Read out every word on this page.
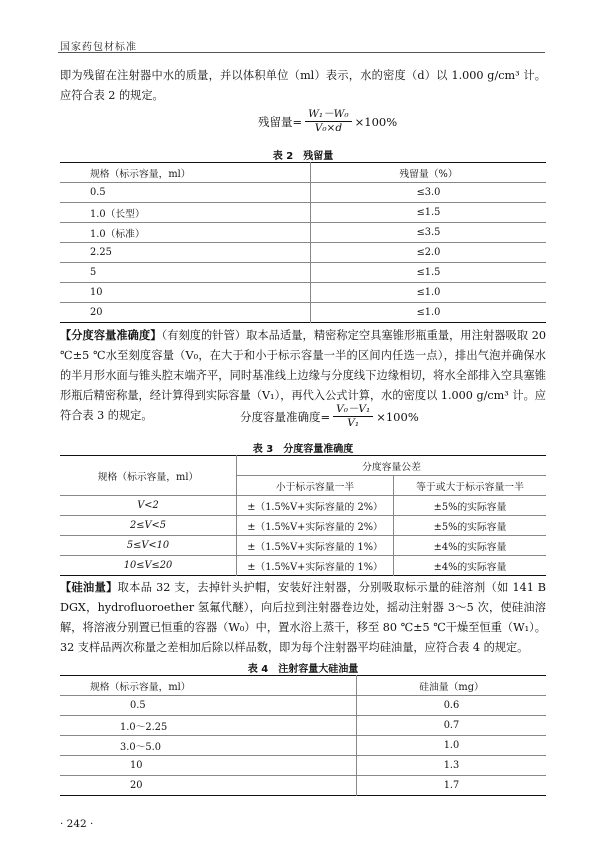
国家药包材标准
即为残留在注射器中水的质量，并以体积单位（ml）表示，水的密度（d）以 1.000 g/cm³ 计。应符合表 2 的规定。
残留量= $\frac{\text{W₁－W₀}}{\text{V₀×d}} \times 100\%$
表 2　残留量
规格（标示容量，ml）	残留量（%）
0.5	≤3.0
1.0（长型）	≤1.5
1.0（标准）	≤3.5
2.25	≤2.0
5	≤1.5
10	≤1.0
20	≤1.0
【分度容量准确度】（有刻度的针管）取本品适量，精密称定空具塞锥形瓶重量，用注射器吸取 20 ℃±5 ℃水至刻度容量（V₀，在大于和小于标示容量一半的区间内任选一点），排出气泡并确保水的半月形水面与锥头腔末端齐平，同时基准线上边缘与分度线下边缘相切，将水全部排入空具塞锥形瓶后精密称量，经计算得到实际容量（V₁），再代入公式计算，水的密度以 1.000 g/cm³ 计。应符合表 3 的规定。	分度容量准确度= $\frac{\text{V₀－V₁}}{\text{V₁}} \times 100\%$
表 3　分度容量准确度
规格（标示容量，ml）	分度容量公差	
	小于标示容量一半	等于或大于标示容量一半
V<2	±（1.5%V+实际容量的 2%）	±5%的实际容量
2≤V<5	±（1.5%V+实际容量的 2%）	±5%的实际容量
5≤V<10	±（1.5%V+实际容量的 1%）	±4%的实际容量
10≤V≤20	±（1.5%V+实际容量的 1%）	±4%的实际容量
【硅油量】取本品 32 支，去掉针头护帽，安装好注射器，分别吸取标示量的硅溶剂（如 141 B DGX，hydrofluoroether 氢氟代醚），向后拉到注射器卷边处，摇动注射器 3～5 次，使硅油溶解，将溶液分别置已恒重的容器（W₀）中，置水浴上蒸干，移至 80 ℃±5 ℃干燥至恒重（W₁）。32 支样品两次称量之差相加后除以样品数，即为每个注射器平均硅油量，应符合表 4 的规定。
表 4　注射容量大硅油量
规格（标示容量，ml）	硅油量（mg）
0.5	0.6
1.0～2.25	0.7
3.0～5.0	1.0
10	1.3
20	1.7
· 242 ·
